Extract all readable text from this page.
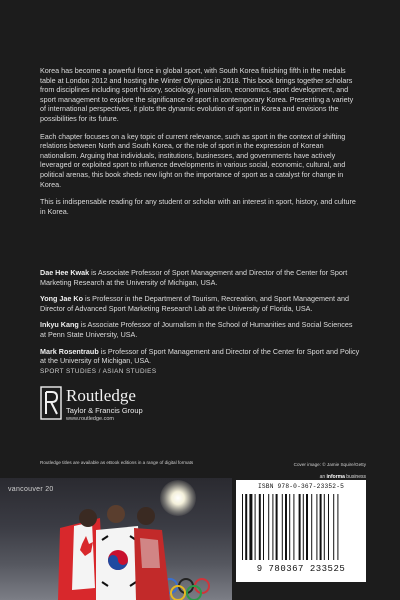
Korea has become a powerful force in global sport, with South Korea finishing fifth in the medals table at London 2012 and hosting the Winter Olympics in 2018. This book brings together scholars from disciplines including sport history, sociology, journalism, economics, sport development, and sport management to explore the significance of sport in contemporary Korea. Presenting a variety of international perspectives, it plots the dynamic evolution of sport in Korea and envisions the possibilities for its future.

Each chapter focuses on a key topic of current relevance, such as sport in the context of shifting relations between North and South Korea, or the role of sport in the expression of Korean nationalism. Arguing that individuals, institutions, businesses, and governments have actively leveraged or exploited sport to influence developments in various social, economic, cultural, and political arenas, this book sheds new light on the importance of sport as a catalyst for change in Korea.

This is indispensable reading for any student or scholar with an interest in sport, history, and culture in Korea.

Dae Hee Kwak is Associate Professor of Sport Management and Director of the Center for Sport Marketing Research at the University of Michigan, USA.

Yong Jae Ko is Professor in the Department of Tourism, Recreation, and Sport Management and Director of Advanced Sport Marketing Research Lab at the University of Florida, USA.

Inkyu Kang is Associate Professor of Journalism in the School of Humanities and Social Sciences at Penn State University, USA.

Mark Rosentraub is Professor of Sport Management and Director of the Center for Sport and Policy at the University of Michigan, USA.

SPORT STUDIES / ASIAN STUDIES
Routledge
Taylor & Francis Group
www.routledge.com
Routledge titles are available as eBook editions in a range of digital formats	Cover image: © Jamie Squire/Getty
an informa business
vancouver 20	ISBN 978-0-367-23352-5
9 780367 233525
